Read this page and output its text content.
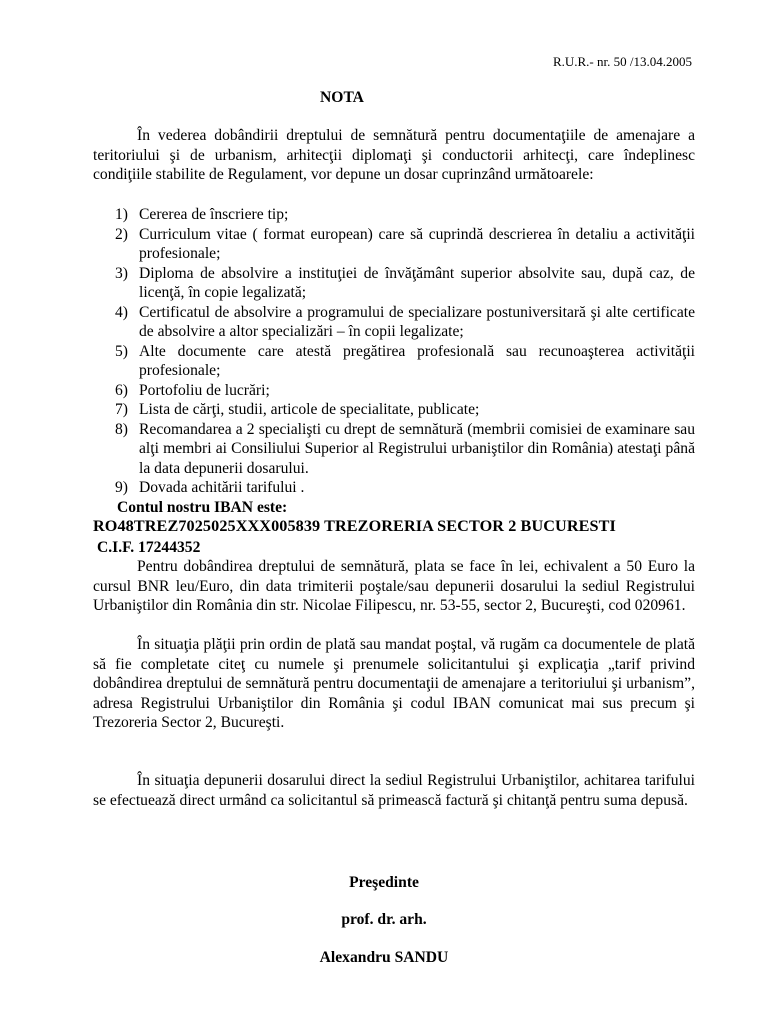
R.U.R.- nr. 50 /13.04.2005
NOTA
În vederea dobândirii dreptului de semnătură pentru documentaţiile de amenajare a teritoriului şi de urbanism, arhitecţii diplomaţi şi conductorii arhitecţi, care îndeplinesc condiţiile stabilite de Regulament, vor depune un dosar cuprinzând următoarele:
1) Cererea de înscriere tip;
2) Curriculum vitae ( format european) care să cuprindă descrierea în detaliu a activităţii profesionale;
3) Diploma de absolvire a instituţiei de învăţământ superior absolvite sau, după caz, de licenţă, în copie legalizată;
4) Certificatul de absolvire a programului de specializare postuniversitară şi alte certificate de absolvire a altor specializări – în copii legalizate;
5) Alte documente care atestă pregătirea profesională sau recunoaşterea activităţii profesionale;
6) Portofoliu de lucrări;
7) Lista de cărţi, studii, articole de specialitate, publicate;
8) Recomandarea a 2 specialişti cu drept de semnătură (membrii comisiei de examinare sau alţi membri ai Consiliului Superior al Registrului urbaniştilor din România) atestaţi până la data depunerii dosarului.
9) Dovada achitării tarifului .
Contul nostru IBAN este:
RO48TREZ7025025XXX005839 TREZORERIA SECTOR 2 BUCURESTI
C.I.F. 17244352
Pentru dobândirea dreptului de semnătură, plata se face în lei, echivalent a 50 Euro la cursul BNR leu/Euro, din data trimiterii poştale/sau depunerii dosarului la sediul Registrului Urbaniştilor din România din str. Nicolae Filipescu, nr. 53-55, sector 2, Bucureşti, cod 020961.
În situaţia plăţii prin ordin de plată sau mandat poştal, vă rugăm ca documentele de plată să fie completate citeţ cu numele şi prenumele solicitantului şi explicaţia „tarif privind dobândirea dreptului de semnătură pentru documentaţii de amenajare a teritoriului şi urbanism”, adresa Registrului Urbaniştilor din România şi codul IBAN comunicat mai sus precum şi Trezoreria Sector 2, Bucureşti.
În situaţia depunerii dosarului direct la sediul Registrului Urbaniştilor, achitarea tarifului se efectuează direct urmând ca solicitantul să primească factură şi chitanţă pentru suma depusă.
Preşedinte
prof. dr. arh.
Alexandru SANDU
